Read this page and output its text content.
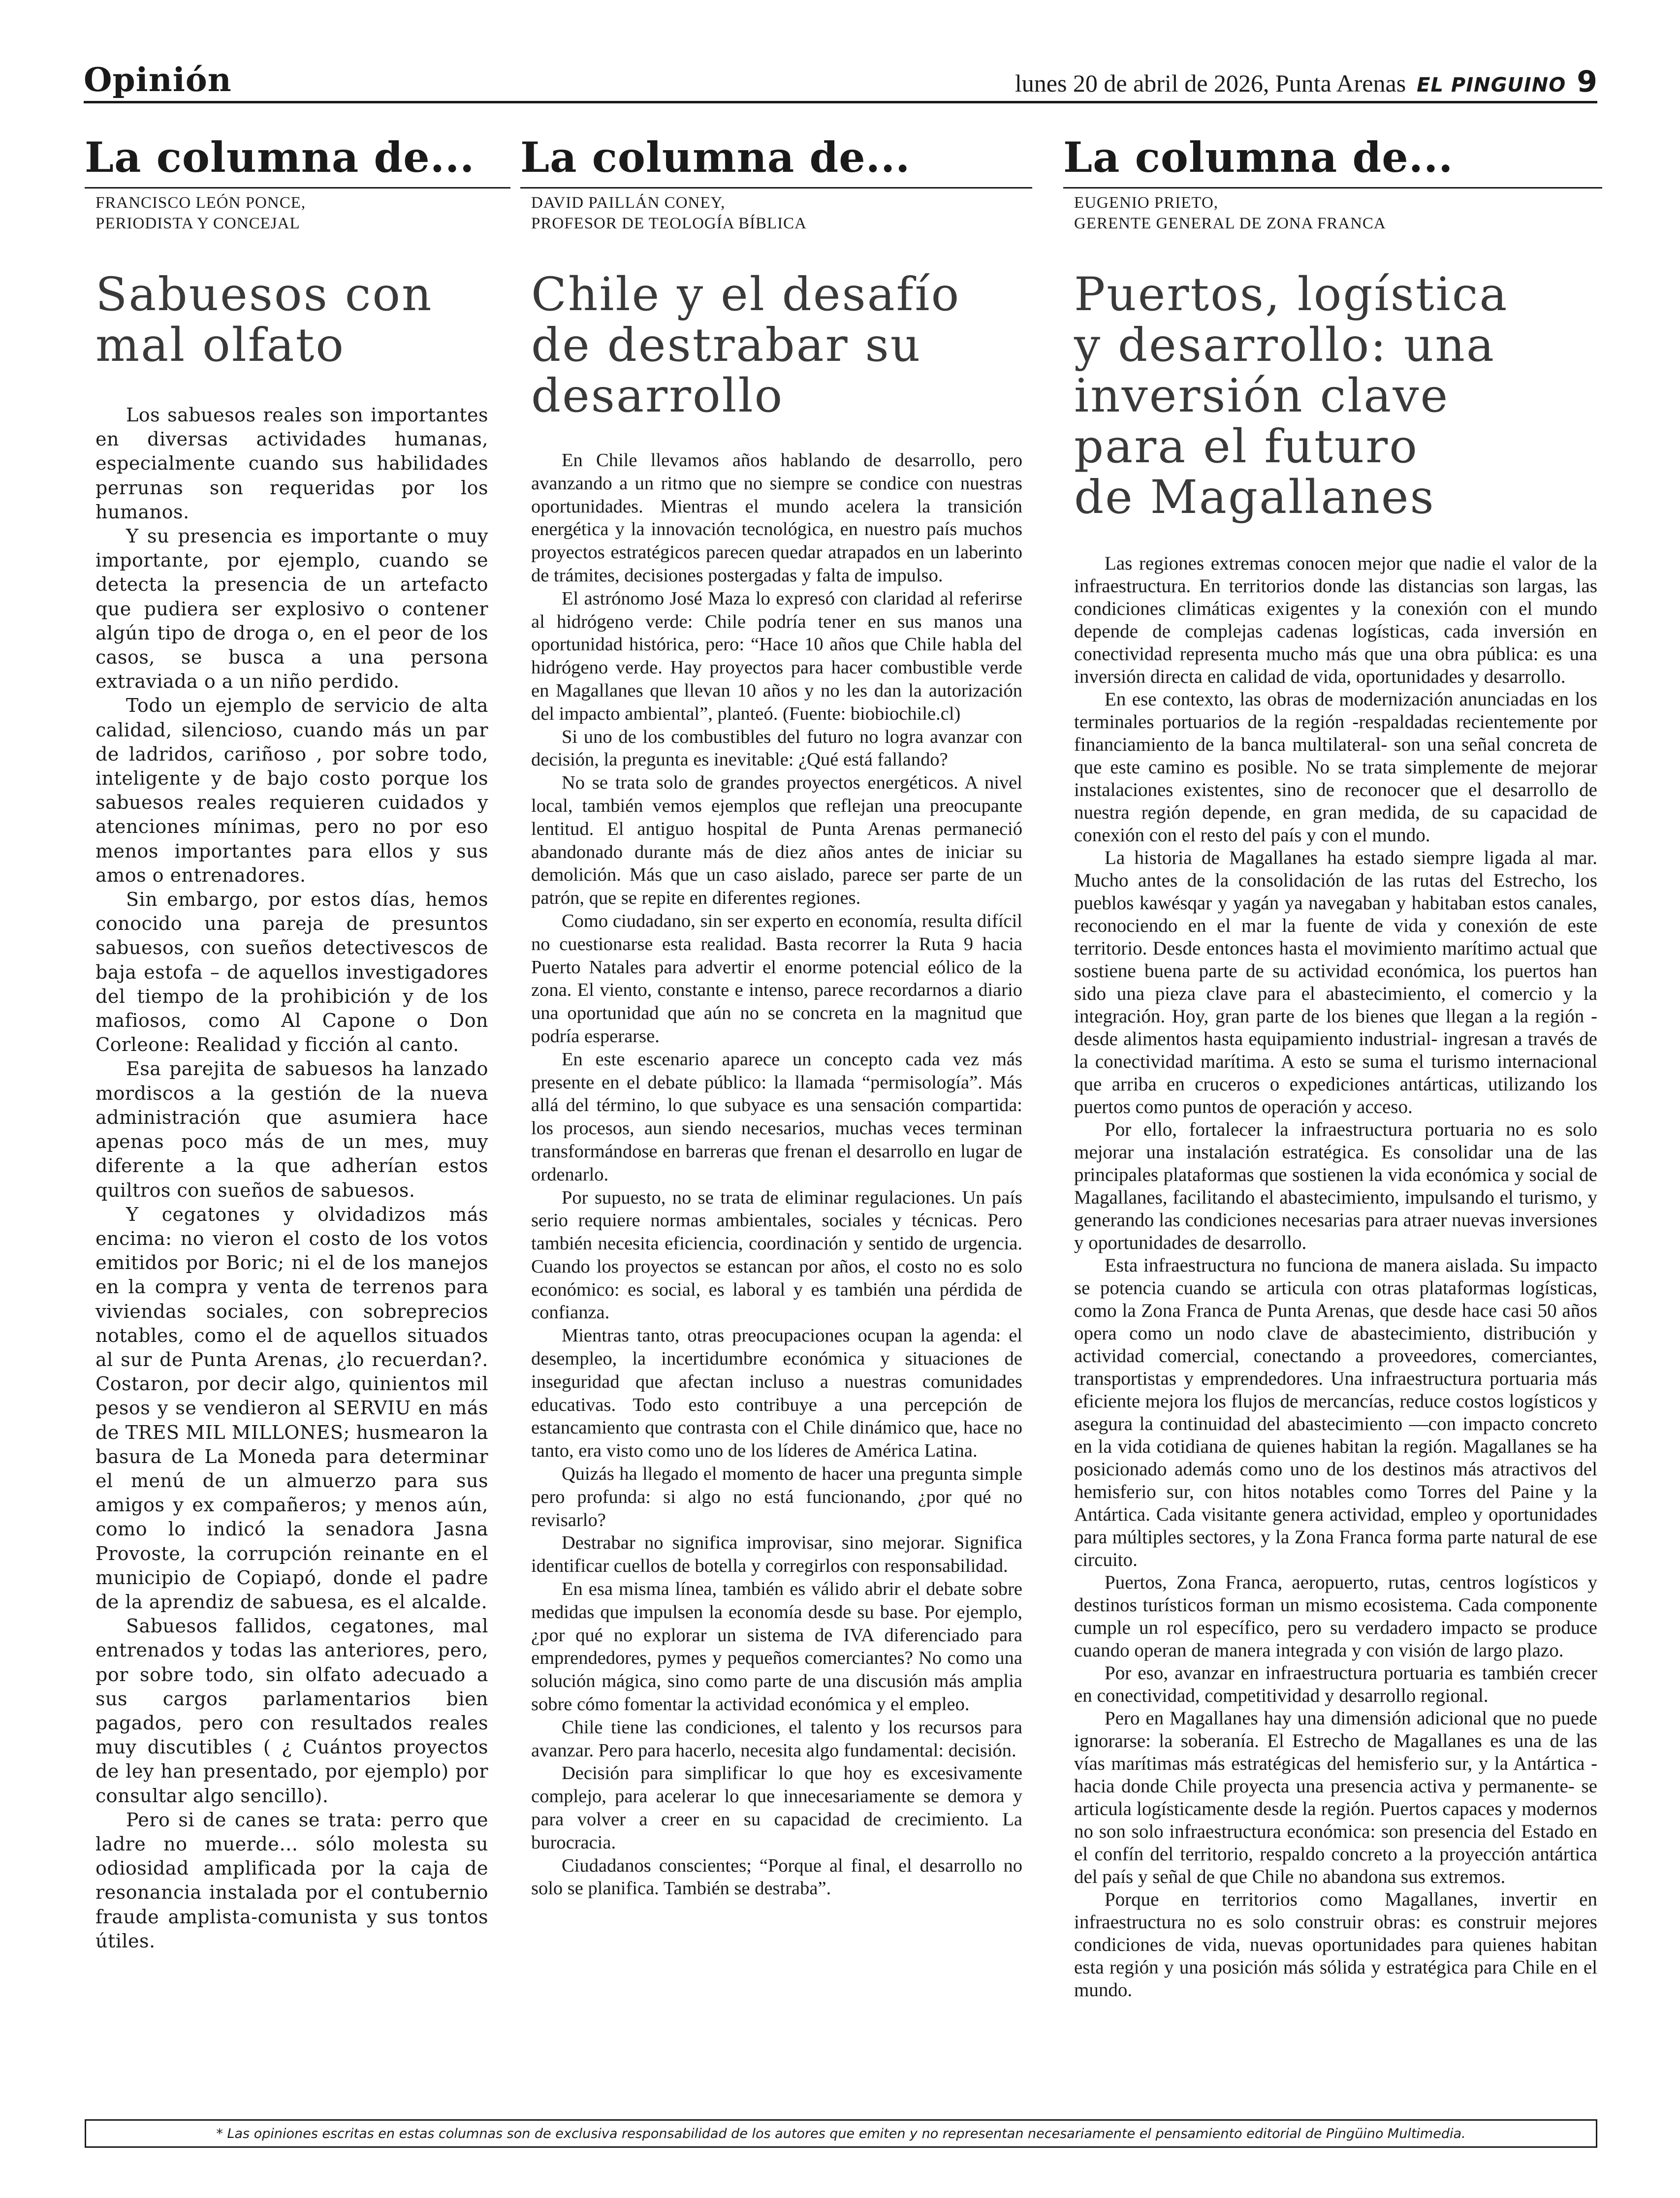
Opinión	lunes 20 de abril de 2026, Punta Arenas EL PINGUINO 9
La columna de...
FRANCISCO LEÓN PONCE,
PERIODISTA Y CONCEJAL
Sabuesos con
mal olfato

Los sabuesos reales son importantes en diversas actividades humanas, especialmente cuando sus habilidades perrunas son requeridas por los humanos.

Y su presencia es importante o muy importante, por ejemplo, cuando se detecta la presencia de un artefacto que pudiera ser explosivo o contener algún tipo de droga o, en el peor de los casos, se busca a una persona extraviada o a un niño perdido.

Todo un ejemplo de servicio de alta calidad, silencioso, cuando más un par de ladridos, cariñoso , por sobre todo, inteligente y de bajo costo porque los sabuesos reales requieren cuidados y atenciones mínimas, pero no por eso menos importantes para ellos y sus amos o entrenadores.

Sin embargo, por estos días, hemos conocido una pareja de presuntos sabuesos, con sueños detectivescos de baja estofa – de aquellos investigadores del tiempo de la prohibición y de los mafiosos, como Al Capone o Don Corleone: Realidad y ficción al canto.

Esa parejita de sabuesos ha lanzado mordiscos a la gestión de la nueva administración que asumiera hace apenas poco más de un mes, muy diferente a la que adherían estos quiltros con sueños de sabuesos.

Y cegatones y olvidadizos más encima: no vieron el costo de los votos emitidos por Boric; ni el de los manejos en la compra y venta de terrenos para viviendas sociales, con sobreprecios notables, como el de aquellos situados al sur de Punta Arenas, ¿lo recuerdan?. Costaron, por decir algo, quinientos mil pesos y se vendieron al SERVIU en más de TRES MIL MILLONES; husmearon la basura de La Moneda para determinar el menú de un almuerzo para sus amigos y ex compañeros; y menos aún, como lo indicó la senadora Jasna Provoste, la corrupción reinante en el municipio de Copiapó, donde el padre de la aprendiz de sabuesa, es el alcalde.

Sabuesos fallidos, cegatones, mal entrenados y todas las anteriores, pero, por sobre todo, sin olfato adecuado a sus cargos parlamentarios bien pagados, pero con resultados reales muy discutibles ( ¿ Cuántos proyectos de ley han presentado, por ejemplo) por consultar algo sencillo).

Pero si de canes se trata: perro que ladre no muerde… sólo molesta su odiosidad amplificada por la caja de resonancia instalada por el contubernio fraude amplista-comunista y sus tontos útiles.

La columna de...
DAVID PAILLÁN CONEY,
PROFESOR DE TEOLOGÍA BÍBLICA
Chile y el desafío
de destrabar su
desarrollo

En Chile llevamos años hablando de desarrollo, pero avanzando a un ritmo que no siempre se condice con nuestras oportunidades. Mientras el mundo acelera la transición energética y la innovación tecnológica, en nuestro país muchos proyectos estratégicos parecen quedar atrapados en un laberinto de trámites, decisiones postergadas y falta de impulso.

El astrónomo José Maza lo expresó con claridad al referirse al hidrógeno verde: Chile podría tener en sus manos una oportunidad histórica, pero: “Hace 10 años que Chile habla del hidrógeno verde. Hay proyectos para hacer combustible verde en Magallanes que llevan 10 años y no les dan la autorización del impacto ambiental”, planteó. (Fuente: biobiochile.cl)

Si uno de los combustibles del futuro no logra avanzar con decisión, la pregunta es inevitable: ¿Qué está fallando?

No se trata solo de grandes proyectos energéticos. A nivel local, también vemos ejemplos que reflejan una preocupante lentitud. El antiguo hospital de Punta Arenas permaneció abandonado durante más de diez años antes de iniciar su demolición. Más que un caso aislado, parece ser parte de un patrón, que se repite en diferentes regiones.

Como ciudadano, sin ser experto en economía, resulta difícil no cuestionarse esta realidad. Basta recorrer la Ruta 9 hacia Puerto Natales para advertir el enorme potencial eólico de la zona. El viento, constante e intenso, parece recordarnos a diario una oportunidad que aún no se concreta en la magnitud que podría esperarse.

En este escenario aparece un concepto cada vez más presente en el debate público: la llamada “permisología”. Más allá del término, lo que subyace es una sensación compartida: los procesos, aun siendo necesarios, muchas veces terminan transformándose en barreras que frenan el desarrollo en lugar de ordenarlo.

Por supuesto, no se trata de eliminar regulaciones. Un país serio requiere normas ambientales, sociales y técnicas. Pero también necesita eficiencia, coordinación y sentido de urgencia. Cuando los proyectos se estancan por años, el costo no es solo económico: es social, es laboral y es también una pérdida de confianza.

Mientras tanto, otras preocupaciones ocupan la agenda: el desempleo, la incertidumbre económica y situaciones de inseguridad que afectan incluso a nuestras comunidades educativas. Todo esto contribuye a una percepción de estancamiento que contrasta con el Chile dinámico que, hace no tanto, era visto como uno de los líderes de América Latina.

Quizás ha llegado el momento de hacer una pregunta simple pero profunda: si algo no está funcionando, ¿por qué no revisarlo?

Destrabar no significa improvisar, sino mejorar. Significa identificar cuellos de botella y corregirlos con responsabilidad.

En esa misma línea, también es válido abrir el debate sobre medidas que impulsen la economía desde su base. Por ejemplo, ¿por qué no explorar un sistema de IVA diferenciado para emprendedores, pymes y pequeños comerciantes? No como una solución mágica, sino como parte de una discusión más amplia sobre cómo fomentar la actividad económica y el empleo.

Chile tiene las condiciones, el talento y los recursos para avanzar. Pero para hacerlo, necesita algo fundamental: decisión.

Decisión para simplificar lo que hoy es excesivamente complejo, para acelerar lo que innecesariamente se demora y para volver a creer en su capacidad de crecimiento. La burocracia.

Ciudadanos conscientes; “Porque al final, el desarrollo no solo se planifica. También se destraba”.

La columna de...
EUGENIO PRIETO,
GERENTE GENERAL DE ZONA FRANCA
Puertos, logística
y desarrollo: una
inversión clave
para el futuro
de Magallanes

Las regiones extremas conocen mejor que nadie el valor de la infraestructura. En territorios donde las distancias son largas, las condiciones climáticas exigentes y la conexión con el mundo depende de complejas cadenas logísticas, cada inversión en conectividad representa mucho más que una obra pública: es una inversión directa en calidad de vida, oportunidades y desarrollo.

En ese contexto, las obras de modernización anunciadas en los terminales portuarios de la región -respaldadas recientemente por financiamiento de la banca multilateral- son una señal concreta de que este camino es posible. No se trata simplemente de mejorar instalaciones existentes, sino de reconocer que el desarrollo de nuestra región depende, en gran medida, de su capacidad de conexión con el resto del país y con el mundo.

La historia de Magallanes ha estado siempre ligada al mar. Mucho antes de la consolidación de las rutas del Estrecho, los pueblos kawésqar y yagán ya navegaban y habitaban estos canales, reconociendo en el mar la fuente de vida y conexión de este territorio. Desde entonces hasta el movimiento marítimo actual que sostiene buena parte de su actividad económica, los puertos han sido una pieza clave para el abastecimiento, el comercio y la integración. Hoy, gran parte de los bienes que llegan a la región -desde alimentos hasta equipamiento industrial- ingresan a través de la conectividad marítima. A esto se suma el turismo internacional que arriba en cruceros o expediciones antárticas, utilizando los puertos como puntos de operación y acceso.

Por ello, fortalecer la infraestructura portuaria no es solo mejorar una instalación estratégica. Es consolidar una de las principales plataformas que sostienen la vida económica y social de Magallanes, facilitando el abastecimiento, impulsando el turismo, y generando las condiciones necesarias para atraer nuevas inversiones y oportunidades de desarrollo.

Esta infraestructura no funciona de manera aislada. Su impacto se potencia cuando se articula con otras plataformas logísticas, como la Zona Franca de Punta Arenas, que desde hace casi 50 años opera como un nodo clave de abastecimiento, distribución y actividad comercial, conectando a proveedores, comerciantes, transportistas y emprendedores. Una infraestructura portuaria más eficiente mejora los flujos de mercancías, reduce costos logísticos y asegura la continuidad del abastecimiento —con impacto concreto en la vida cotidiana de quienes habitan la región. Magallanes se ha posicionado además como uno de los destinos más atractivos del hemisferio sur, con hitos notables como Torres del Paine y la Antártica. Cada visitante genera actividad, empleo y oportunidades para múltiples sectores, y la Zona Franca forma parte natural de ese circuito.

Puertos, Zona Franca, aeropuerto, rutas, centros logísticos y destinos turísticos forman un mismo ecosistema. Cada componente cumple un rol específico, pero su verdadero impacto se produce cuando operan de manera integrada y con visión de largo plazo.

Por eso, avanzar en infraestructura portuaria es también crecer en conectividad, competitividad y desarrollo regional.

Pero en Magallanes hay una dimensión adicional que no puede ignorarse: la soberanía. El Estrecho de Magallanes es una de las vías marítimas más estratégicas del hemisferio sur, y la Antártica -hacia donde Chile proyecta una presencia activa y permanente- se articula logísticamente desde la región. Puertos capaces y modernos no son solo infraestructura económica: son presencia del Estado en el confín del territorio, respaldo concreto a la proyección antártica del país y señal de que Chile no abandona sus extremos.

Porque en territorios como Magallanes, invertir en infraestructura no es solo construir obras: es construir mejores condiciones de vida, nuevas oportunidades para quienes habitan esta región y una posición más sólida y estratégica para Chile en el mundo.

* Las opiniones escritas en estas columnas son de exclusiva responsabilidad de los autores que emiten y no representan necesariamente el pensamiento editorial de Pingüino Multimedia.
